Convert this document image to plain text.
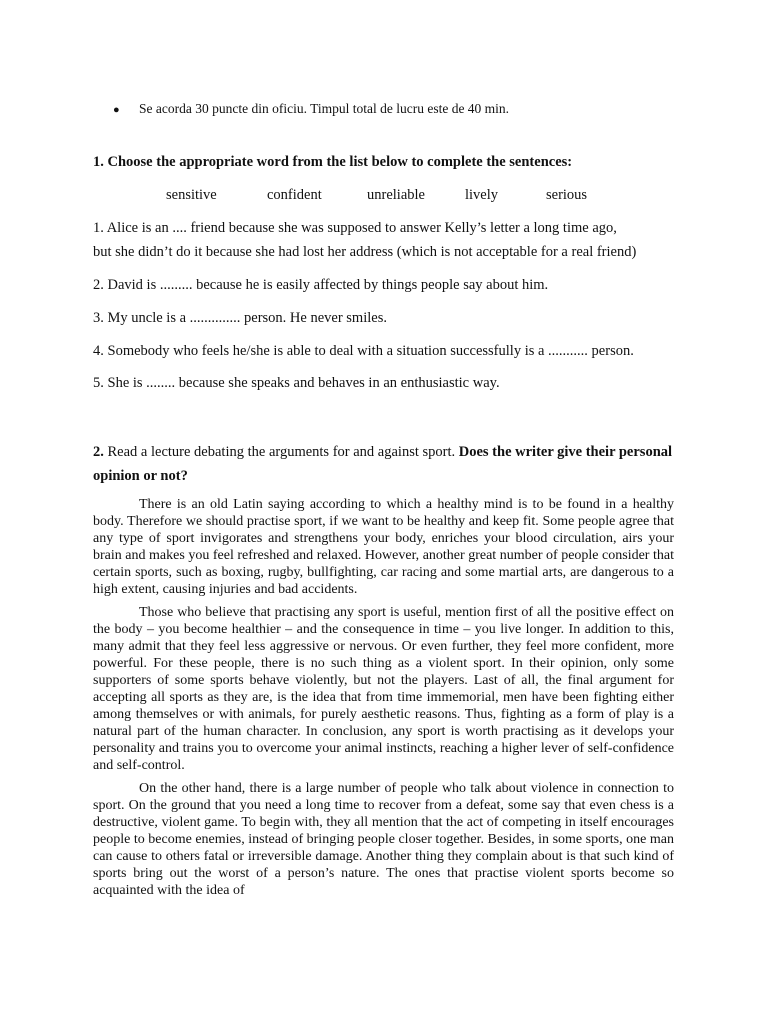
● Se acorda 30 puncte din oficiu. Timpul total de lucru este de 40 min.
1. Choose the appropriate word from the list below to complete the sentences:
sensitive	confident	unreliable	lively	serious
1. Alice is an .... friend because she was supposed to answer Kelly’s letter a long time ago,
but she didn’t do it because she had lost her address (which is not acceptable for a real friend)
2. David is ......... because he is easily affected by things people say about him.
3. My uncle is a .............. person. He never smiles.
4. Somebody who feels he/she is able to deal with a situation successfully is a ........... person.
5. She is ........ because she speaks and behaves in an enthusiastic way.
2. Read a lecture debating the arguments for and against sport. Does the writer give their personal opinion or not?

There is an old Latin saying according to which a healthy mind is to be found in a healthy body. Therefore we should practise sport, if we want to be healthy and keep fit. Some people agree that any type of sport invigorates and strengthens your body, enriches your blood circulation, airs your brain and makes you feel refreshed and relaxed. However, another great number of people consider that certain sports, such as boxing, rugby, bullfighting, car racing and some martial arts, are dangerous to a high extent, causing injuries and bad accidents.

Those who believe that practising any sport is useful, mention first of all the positive effect on the body – you become healthier – and the consequence in time – you live longer. In addition to this, many admit that they feel less aggressive or nervous. Or even further, they feel more confident, more powerful. For these people, there is no such thing as a violent sport. In their opinion, only some supporters of some sports behave violently, but not the players. Last of all, the final argument for accepting all sports as they are, is the idea that from time immemorial, men have been fighting either among themselves or with animals, for purely aesthetic reasons. Thus, fighting as a form of play is a natural part of the human character. In conclusion, any sport is worth practising as it develops your personality and trains you to overcome your animal instincts, reaching a higher lever of self-confidence and self-control.

On the other hand, there is a large number of people who talk about violence in connection to sport. On the ground that you need a long time to recover from a defeat, some say that even chess is a destructive, violent game. To begin with, they all mention that the act of competing in itself encourages people to become enemies, instead of bringing people closer together. Besides, in some sports, one man can cause to others fatal or irreversible damage. Another thing they complain about is that such kind of sports bring out the worst of a person’s nature. The ones that practise violent sports become so acquainted with the idea of
